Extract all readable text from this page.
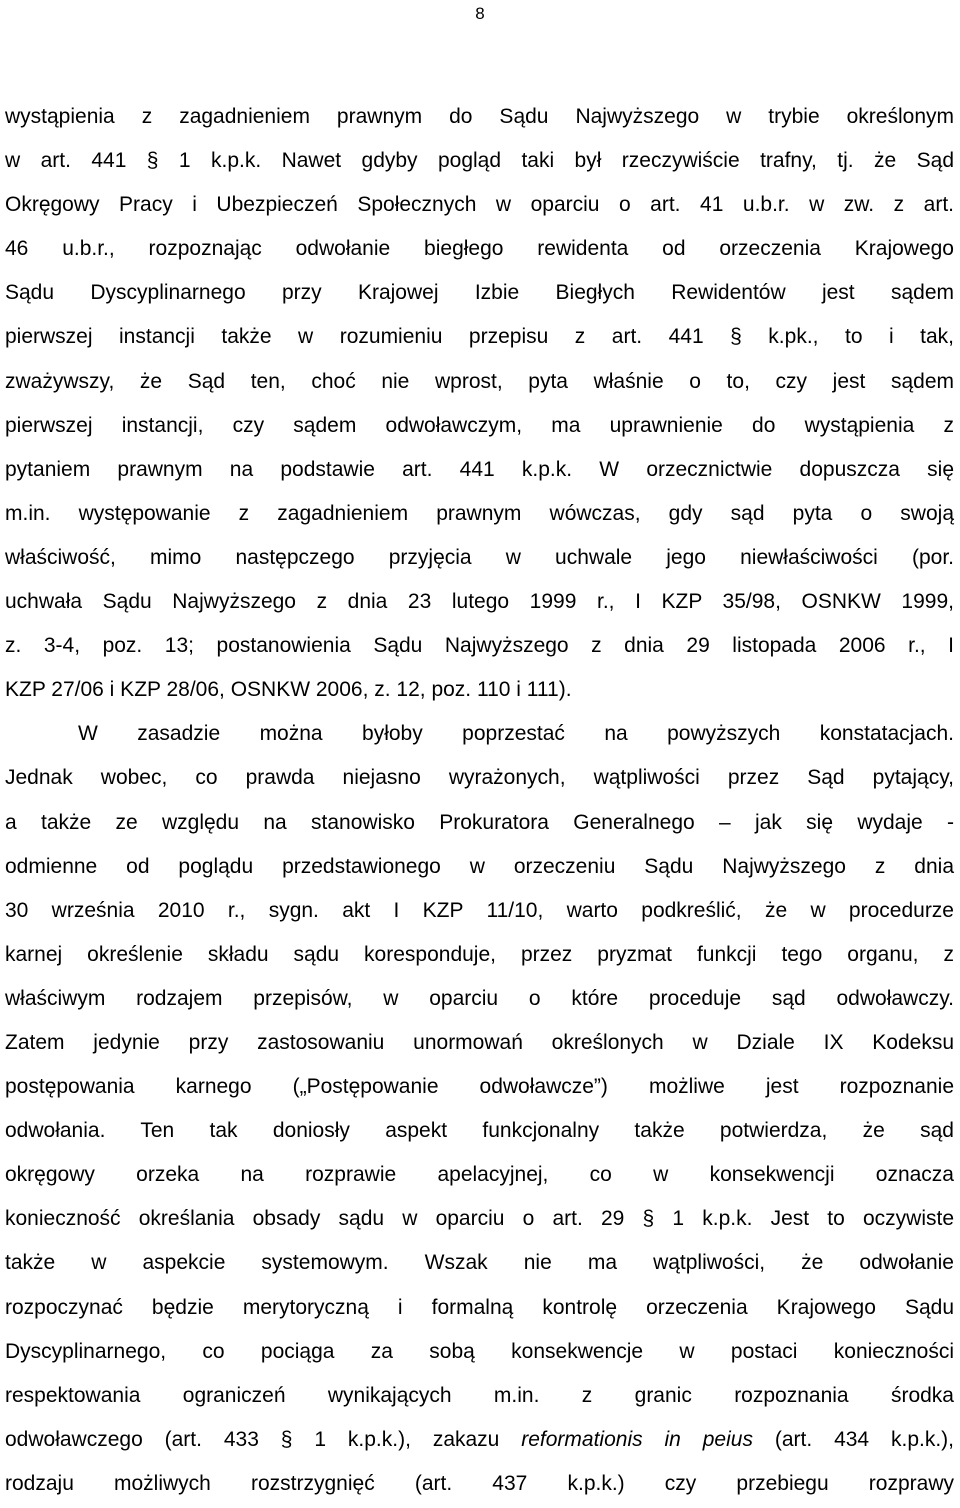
8
wystąpienia z zagadnieniem prawnym do Sądu Najwyższego w trybie określonym
w art. 441 § 1 k.p.k. Nawet gdyby pogląd taki był rzeczywiście trafny, tj. że Sąd
Okręgowy Pracy i Ubezpieczeń Społecznych w oparciu o art. 41 u.b.r. w zw. z art.
46 u.b.r., rozpoznając odwołanie biegłego rewidenta od orzeczenia Krajowego
Sądu Dyscyplinarnego przy Krajowej Izbie Biegłych Rewidentów jest sądem
pierwszej instancji także w rozumieniu przepisu z art. 441 § k.pk., to i tak,
zważywszy, że Sąd ten, choć nie wprost, pyta właśnie o to, czy jest sądem
pierwszej instancji, czy sądem odwoławczym, ma uprawnienie do wystąpienia z
pytaniem prawnym na podstawie art. 441 k.p.k. W orzecznictwie dopuszcza się
m.in. występowanie z zagadnieniem prawnym wówczas, gdy sąd pyta o swoją
właściwość, mimo następczego przyjęcia w uchwale jego niewłaściwości (por.
uchwała Sądu Najwyższego z dnia 23 lutego 1999 r., I KZP 35/98, OSNKW 1999,
z. 3-4, poz. 13; postanowienia Sądu Najwyższego z dnia 29 listopada 2006 r., I
KZP 27/06 i KZP 28/06, OSNKW 2006, z. 12, poz. 110 i 111).
W zasadzie można byłoby poprzestać na powyższych konstatacjach.
Jednak wobec, co prawda niejasno wyrażonych, wątpliwości przez Sąd pytający,
a także ze względu na stanowisko Prokuratora Generalnego – jak się wydaje -
odmienne od poglądu przedstawionego w orzeczeniu Sądu Najwyższego z dnia
30 września 2010 r., sygn. akt I KZP 11/10, warto podkreślić, że w procedurze
karnej określenie składu sądu koresponduje, przez pryzmat funkcji tego organu, z
właściwym rodzajem przepisów, w oparciu o które proceduje sąd odwoławczy.
Zatem jedynie przy zastosowaniu unormowań określonych w Dziale IX Kodeksu
postępowania karnego („Postępowanie odwoławcze”) możliwe jest rozpoznanie
odwołania. Ten tak doniosły aspekt funkcjonalny także potwierdza, że sąd
okręgowy orzeka na rozprawie apelacyjnej, co w konsekwencji oznacza
konieczność określania obsady sądu w oparciu o art. 29 § 1 k.p.k. Jest to oczywiste
także w aspekcie systemowym. Wszak nie ma wątpliwości, że odwołanie
rozpoczynać będzie merytoryczną i formalną kontrolę orzeczenia Krajowego Sądu
Dyscyplinarnego, co pociąga za sobą konsekwencje w postaci konieczności
respektowania ograniczeń wynikających m.in. z granic rozpoznania środka
odwoławczego (art. 433 § 1 k.p.k.), zakazu reformationis in peius (art. 434 k.p.k.),
rodzaju możliwych rozstrzygnięć (art. 437 k.p.k.) czy przebiegu rozprawy
